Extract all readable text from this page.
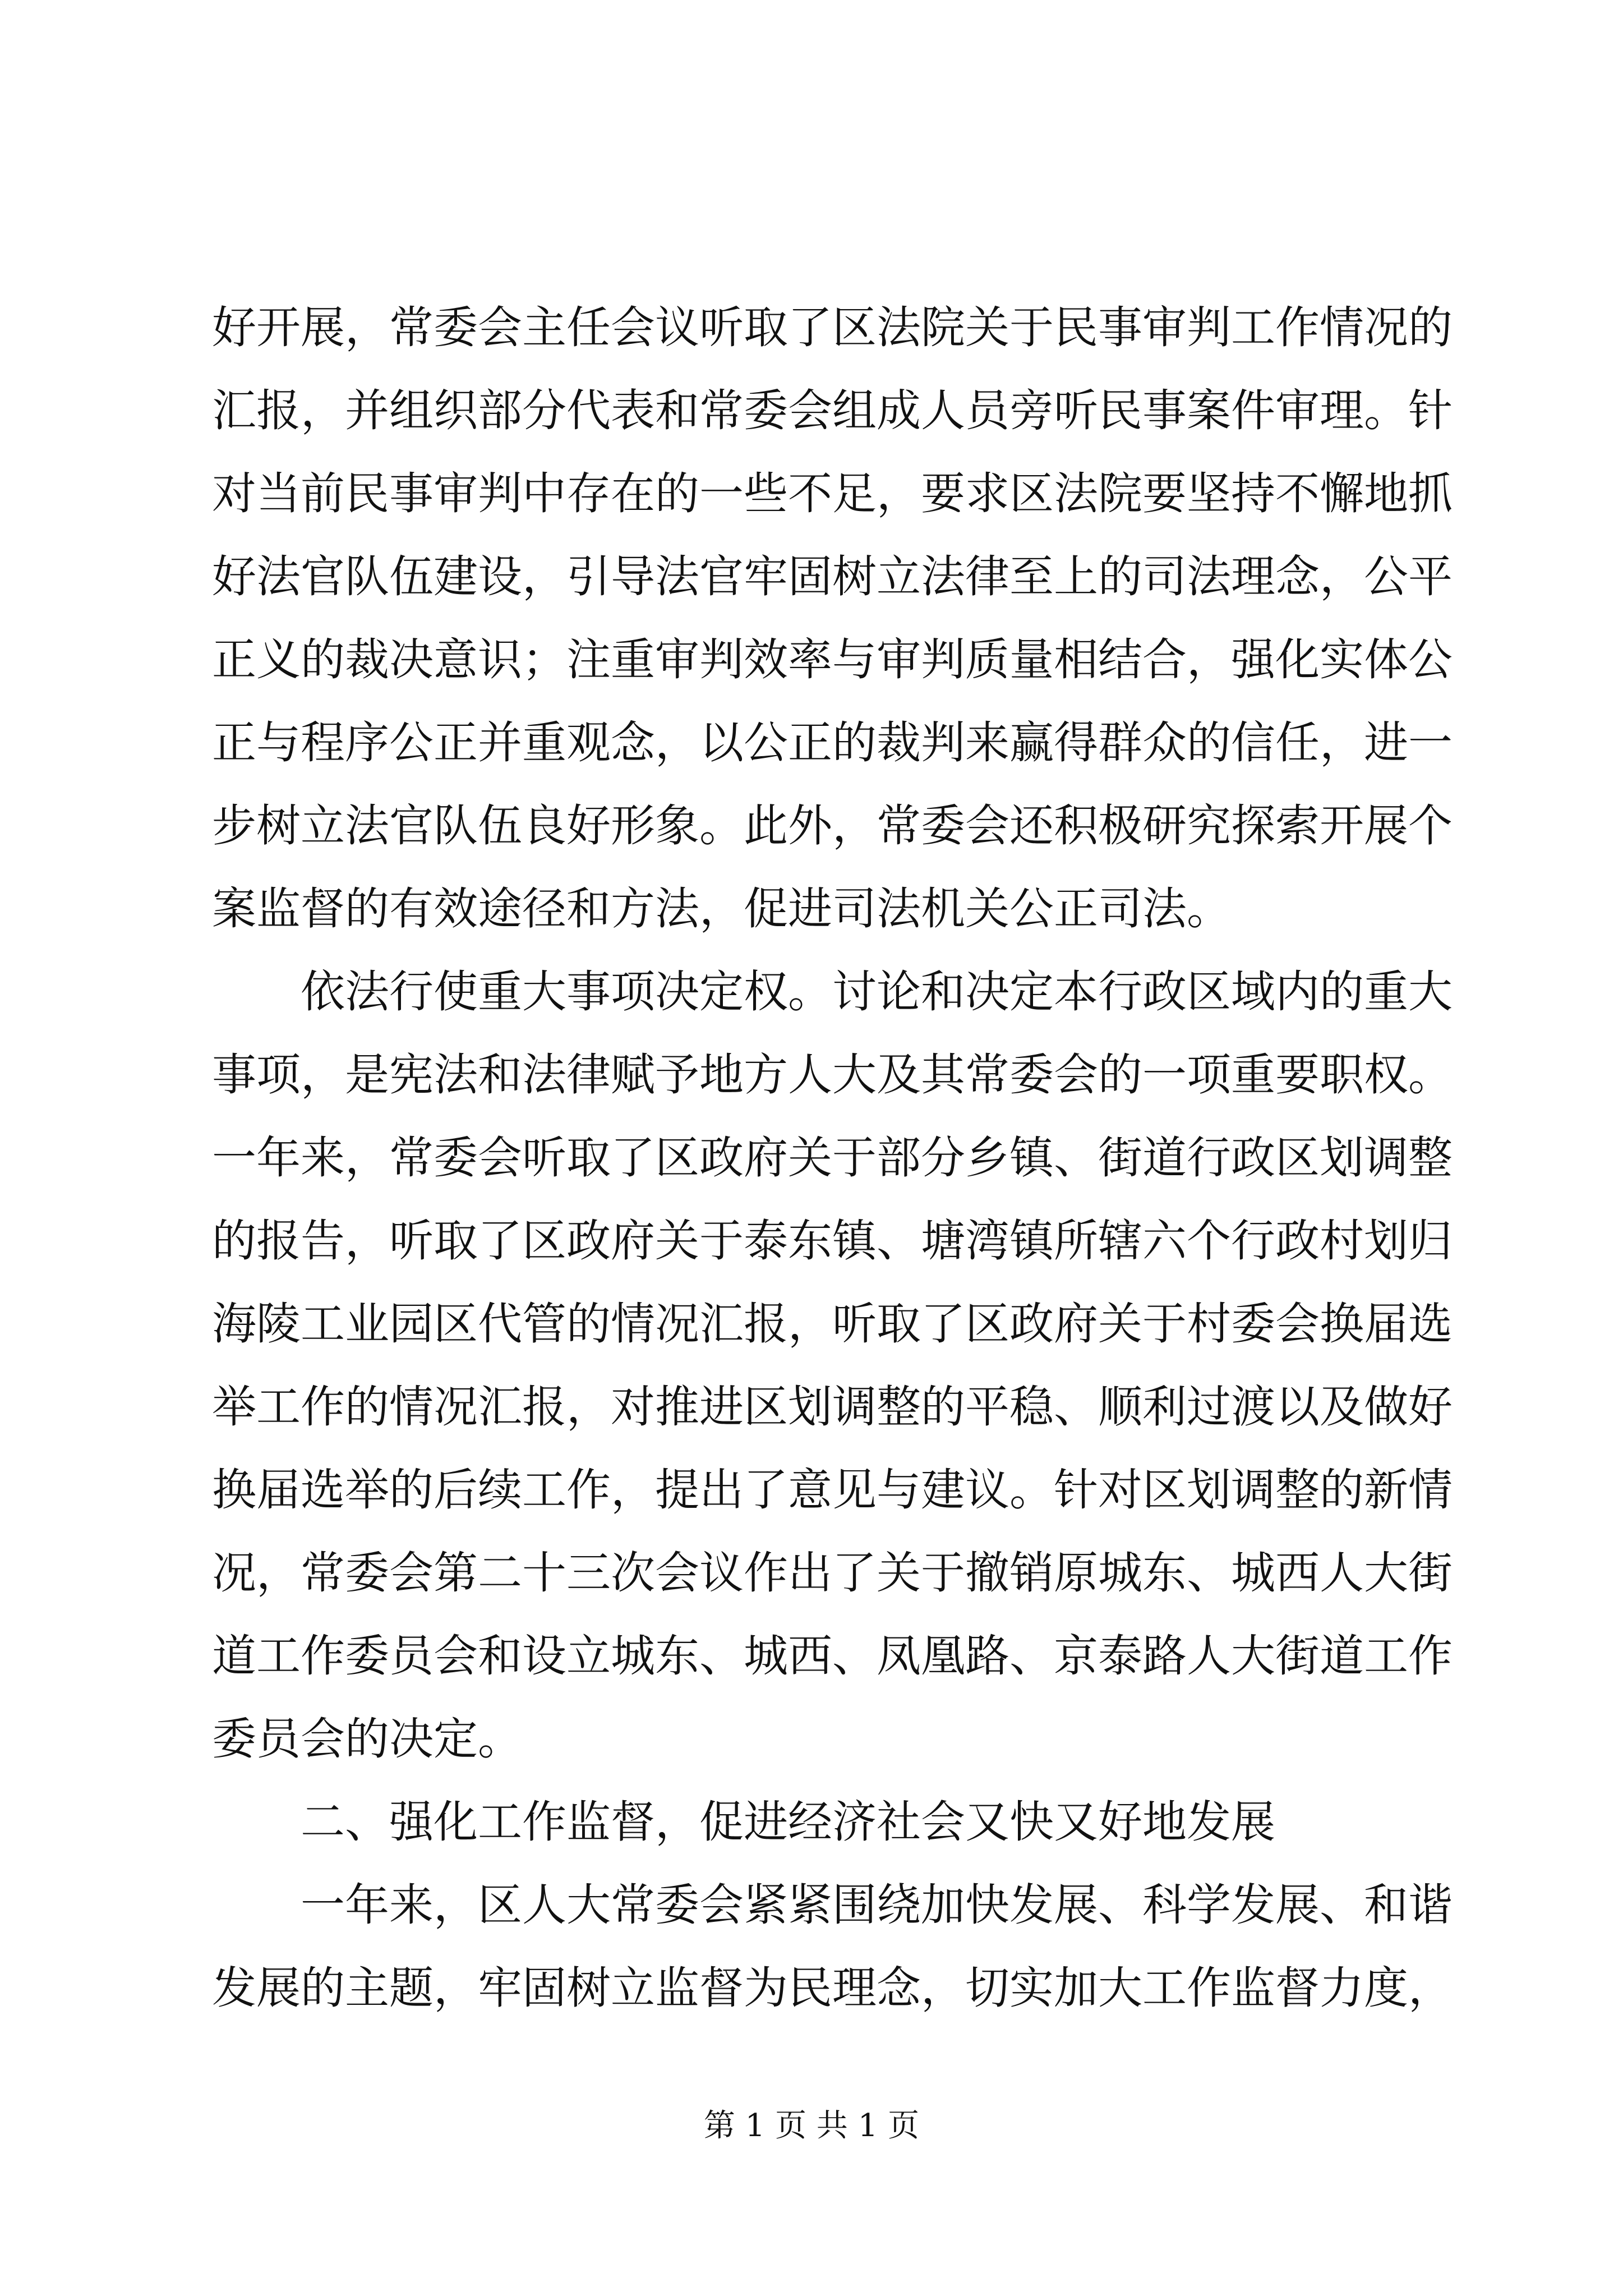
好开展，常委会主任会议听取了区法院关于民事审判工作情况的
汇报，并组织部分代表和常委会组成人员旁听民事案件审理。针
对当前民事审判中存在的一些不足，要求区法院要坚持不懈地抓
好法官队伍建设，引导法官牢固树立法律至上的司法理念，公平
正义的裁决意识；注重审判效率与审判质量相结合，强化实体公
正与程序公正并重观念，以公正的裁判来赢得群众的信任，进一
步树立法官队伍良好形象。此外，常委会还积极研究探索开展个
案监督的有效途径和方法，促进司法机关公正司法。
依法行使重大事项决定权。讨论和决定本行政区域内的重大
事项，是宪法和法律赋予地方人大及其常委会的一项重要职权。
一年来，常委会听取了区政府关于部分乡镇、街道行政区划调整
的报告，听取了区政府关于泰东镇、塘湾镇所辖六个行政村划归
海陵工业园区代管的情况汇报，听取了区政府关于村委会换届选
举工作的情况汇报，对推进区划调整的平稳、顺利过渡以及做好
换届选举的后续工作，提出了意见与建议。针对区划调整的新情
况，常委会第二十三次会议作出了关于撤销原城东、城西人大街
道工作委员会和设立城东、城西、凤凰路、京泰路人大街道工作
委员会的决定。
二、强化工作监督，促进经济社会又快又好地发展
一年来，区人大常委会紧紧围绕加快发展、科学发展、和谐
发展的主题，牢固树立监督为民理念，切实加大工作监督力度，
第 1 页 共 1 页
